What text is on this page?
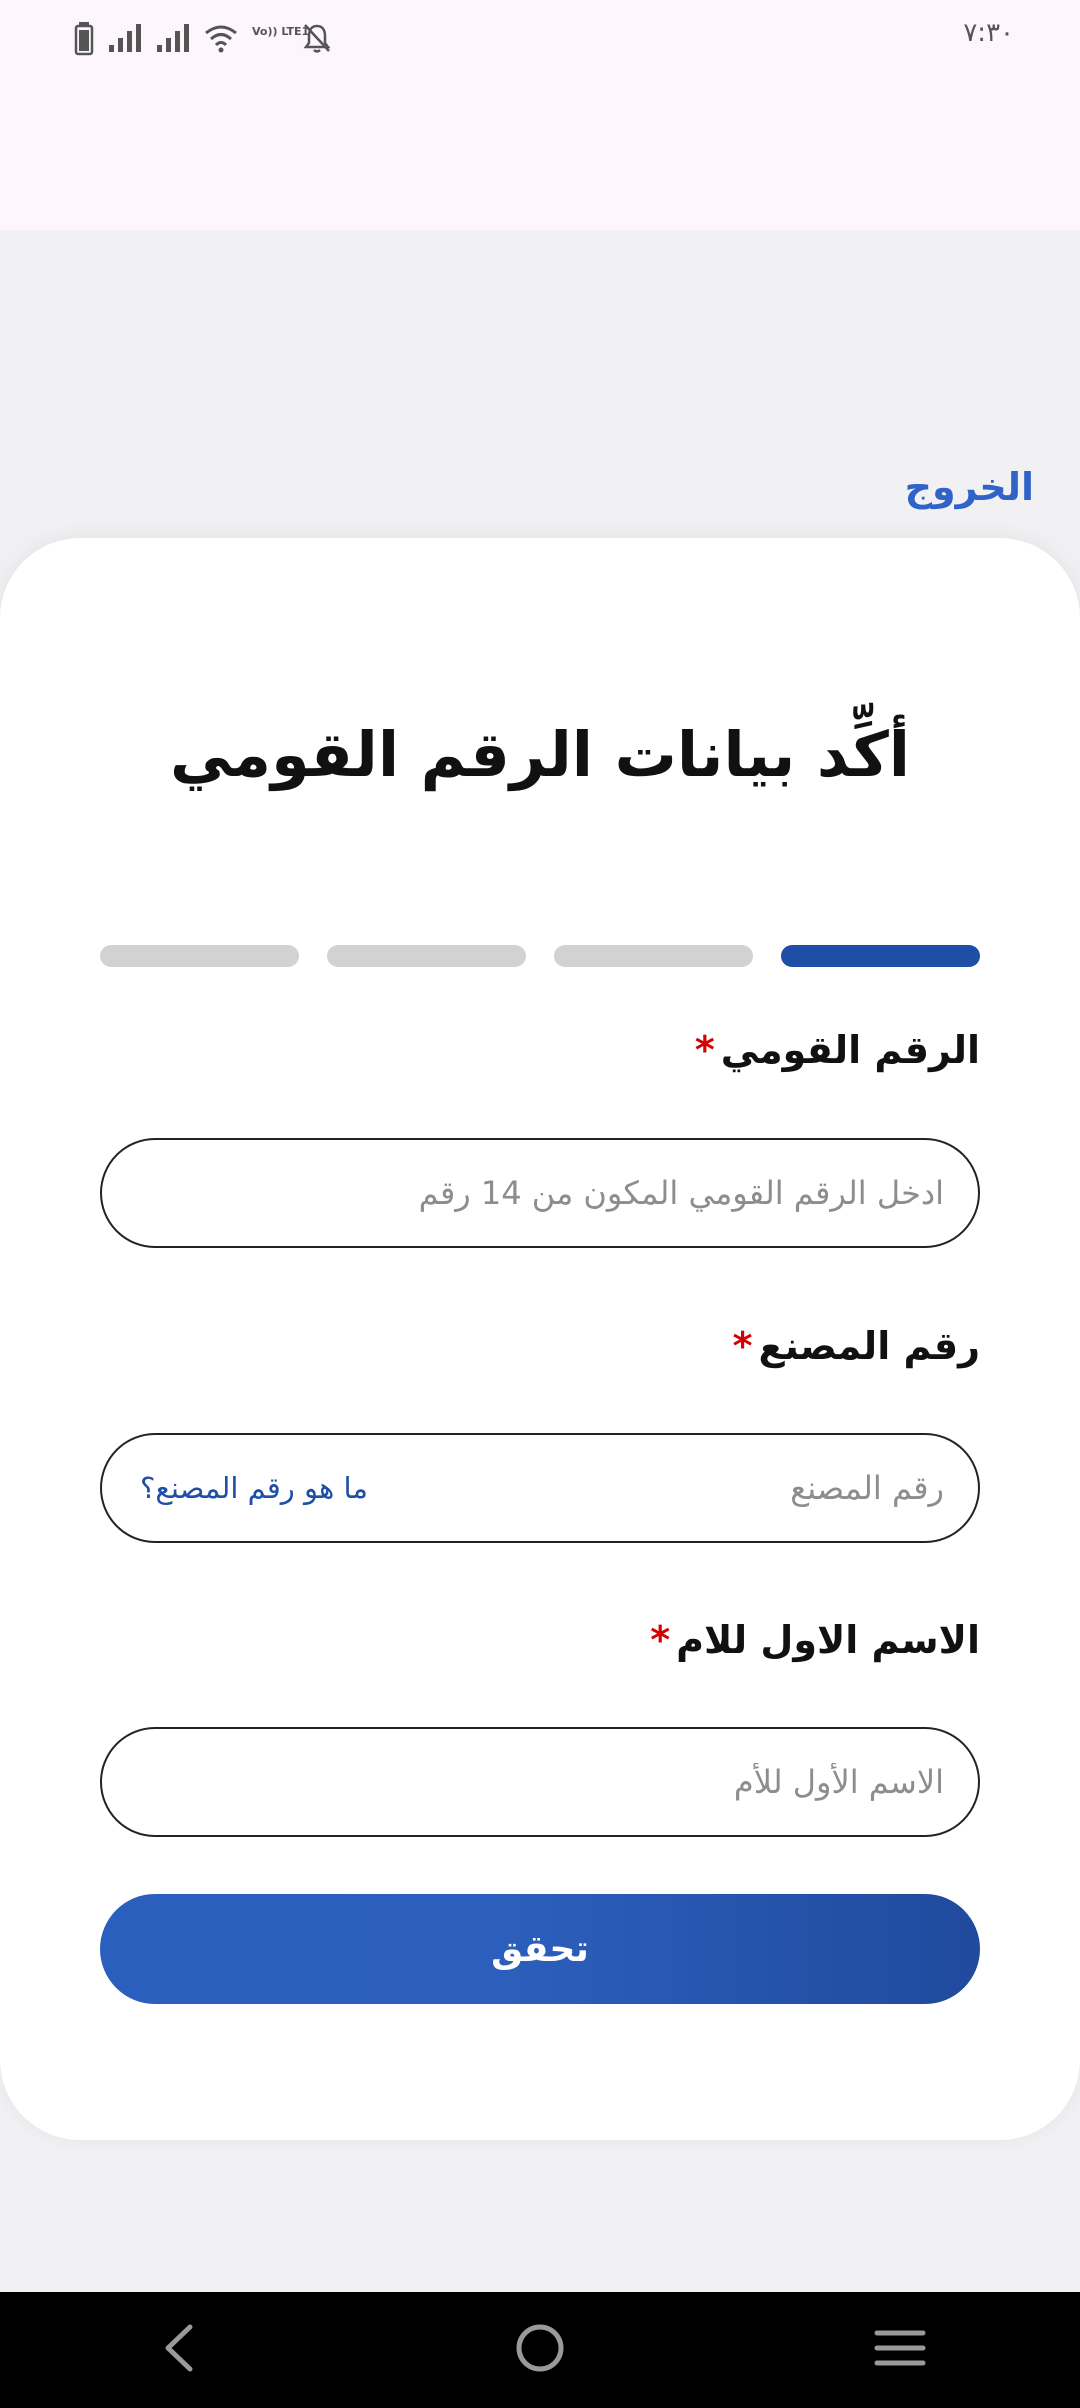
Vo)) LTE1	٧:٣٠
الخروج
أكِّد بيانات الرقم القومي
الرقم القومي*
ادخل الرقم القومي المكون من 14 رقم
رقم المصنع*
رقم المصنع
ما هو رقم المصنع؟
الاسم الاول للام*
الاسم الأول للأم
تحقق
